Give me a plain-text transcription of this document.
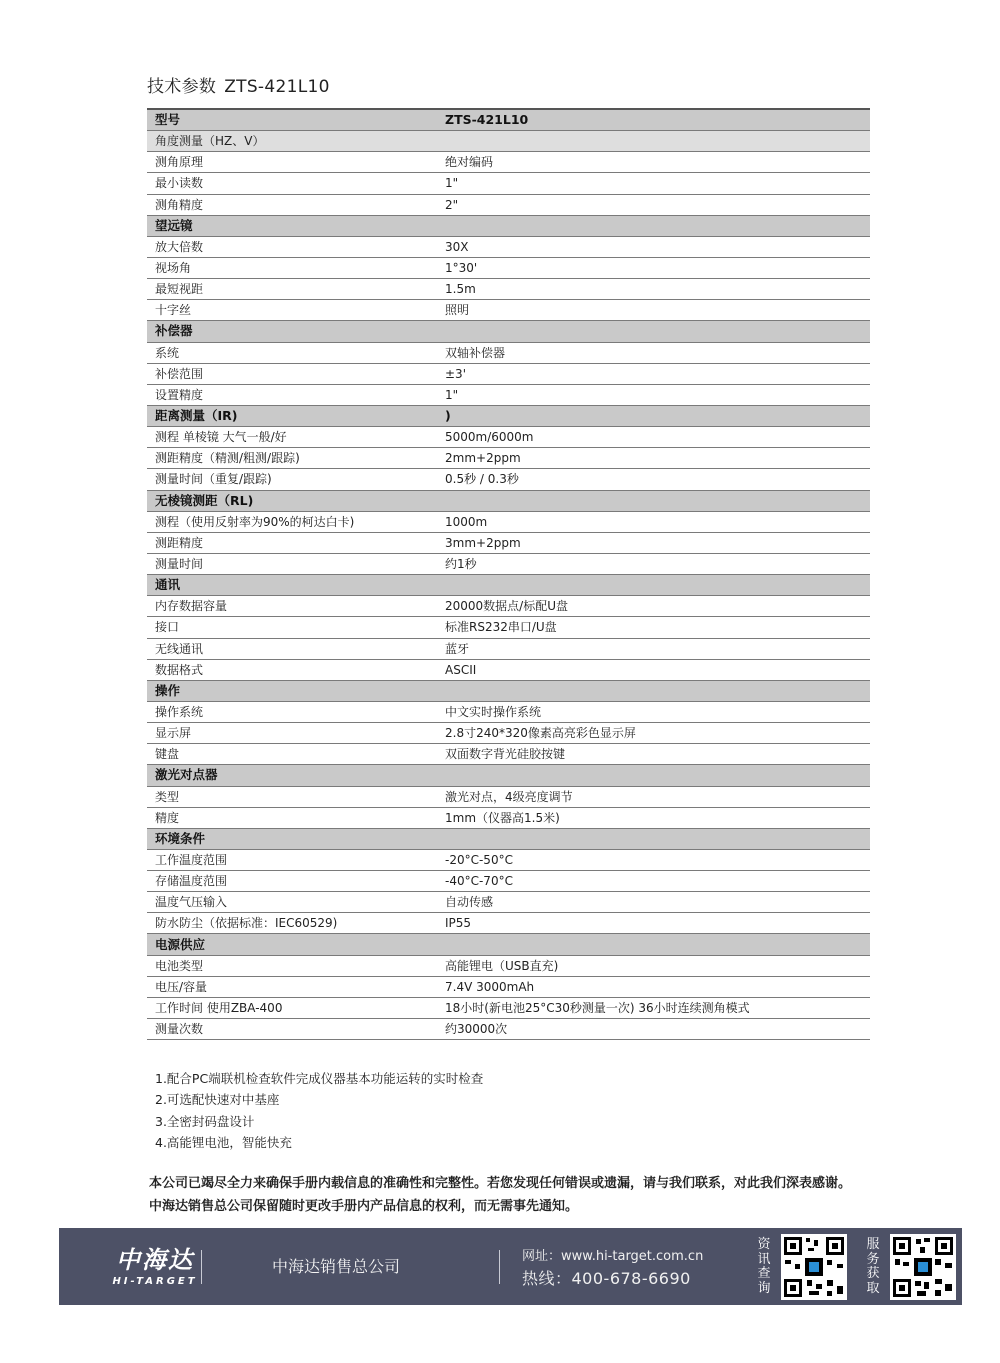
技术参数 ZTS-421L10
型号	ZTS-421L10
角度测量（HZ、V）	
测角原理	绝对编码
最小读数	1"
测角精度	2"
望远镜	
放大倍数	30X
视场角	1°30'
最短视距	1.5m
十字丝	照明
补偿器	
系统	双轴补偿器
补偿范围	±3'
设置精度	1"
距离测量（IR)	)
测程 单棱镜 大气一般/好	5000m/6000m
测距精度（精测/粗测/跟踪)	2mm+2ppm
测量时间（重复/跟踪)	0.5秒 / 0.3秒
无棱镜测距（RL)	
测程（使用反射率为90%的柯达白卡)	1000m
测距精度	3mm+2ppm
测量时间	约1秒
通讯	
内存数据容量	20000数据点/标配U盘
接口	标准RS232串口/U盘
无线通讯	蓝牙
数据格式	ASCII
操作	
操作系统	中文实时操作系统
显示屏	2.8寸240*320像素高亮彩色显示屏
键盘	双面数字背光硅胶按键
激光对点器	
类型	激光对点，4级亮度调节
精度	1mm（仪器高1.5米)
环境条件	
工作温度范围	-20°C-50°C
存储温度范围	-40°C-70°C
温度气压输入	自动传感
防水防尘（依据标准：IEC60529)	IP55
电源供应	
电池类型	高能锂电（USB直充)
电压/容量	7.4V 3000mAh
工作时间 使用ZBA-400	18小时(新电池25°C30秒测量一次) 36小时连续测角模式
测量次数	约30000次
1.配合PC端联机检查软件完成仪器基本功能运转的实时检查
2.可选配快速对中基座
3.全密封码盘设计
4.高能锂电池，智能快充
本公司已竭尽全力来确保手册内载信息的准确性和完整性。若您发现任何错误或遗漏，请与我们联系，对此我们深表感谢。
中海达销售总公司保留随时更改手册内产品信息的权利，而无需事先通知。
中海达
HI-TARGET
中海达销售总公司
网址：www.hi-target.com.cn
热线：400-678-6690
资讯查询
服务获取
